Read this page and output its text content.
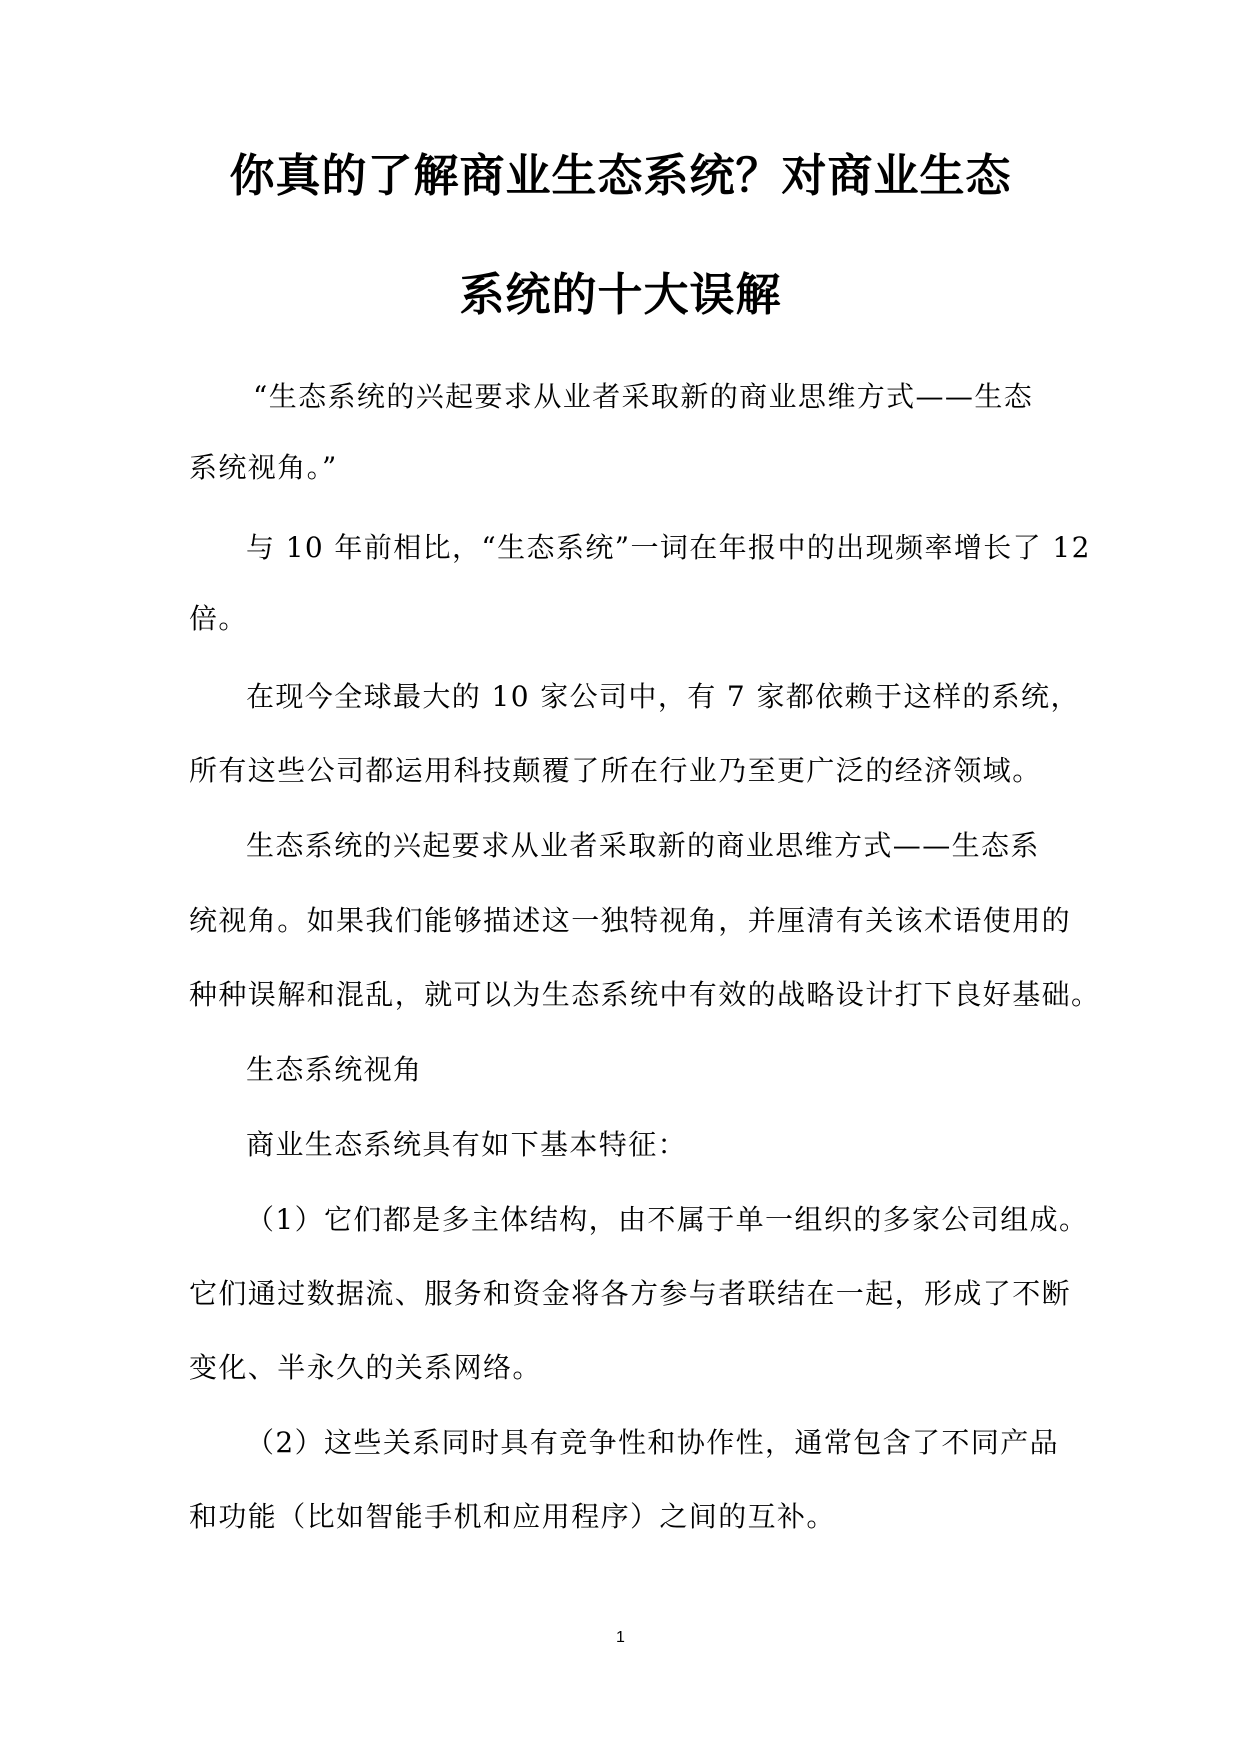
你真的了解商业生态系统？对商业生态
系统的十大误解
“生态系统的兴起要求从业者采取新的商业思维方式——生态
系统视角。”
与 10 年前相比，“生态系统”一词在年报中的出现频率增长了 12
倍。
在现今全球最大的 10 家公司中，有 7 家都依赖于这样的系统，
所有这些公司都运用科技颠覆了所在行业乃至更广泛的经济领域。
生态系统的兴起要求从业者采取新的商业思维方式——生态系
统视角。如果我们能够描述这一独特视角，并厘清有关该术语使用的
种种误解和混乱，就可以为生态系统中有效的战略设计打下良好基础。
生态系统视角
商业生态系统具有如下基本特征：
（1）它们都是多主体结构，由不属于单一组织的多家公司组成。
它们通过数据流、服务和资金将各方参与者联结在一起，形成了不断
变化、半永久的关系网络。
（2）这些关系同时具有竞争性和协作性，通常包含了不同产品
和功能（比如智能手机和应用程序）之间的互补。
1
